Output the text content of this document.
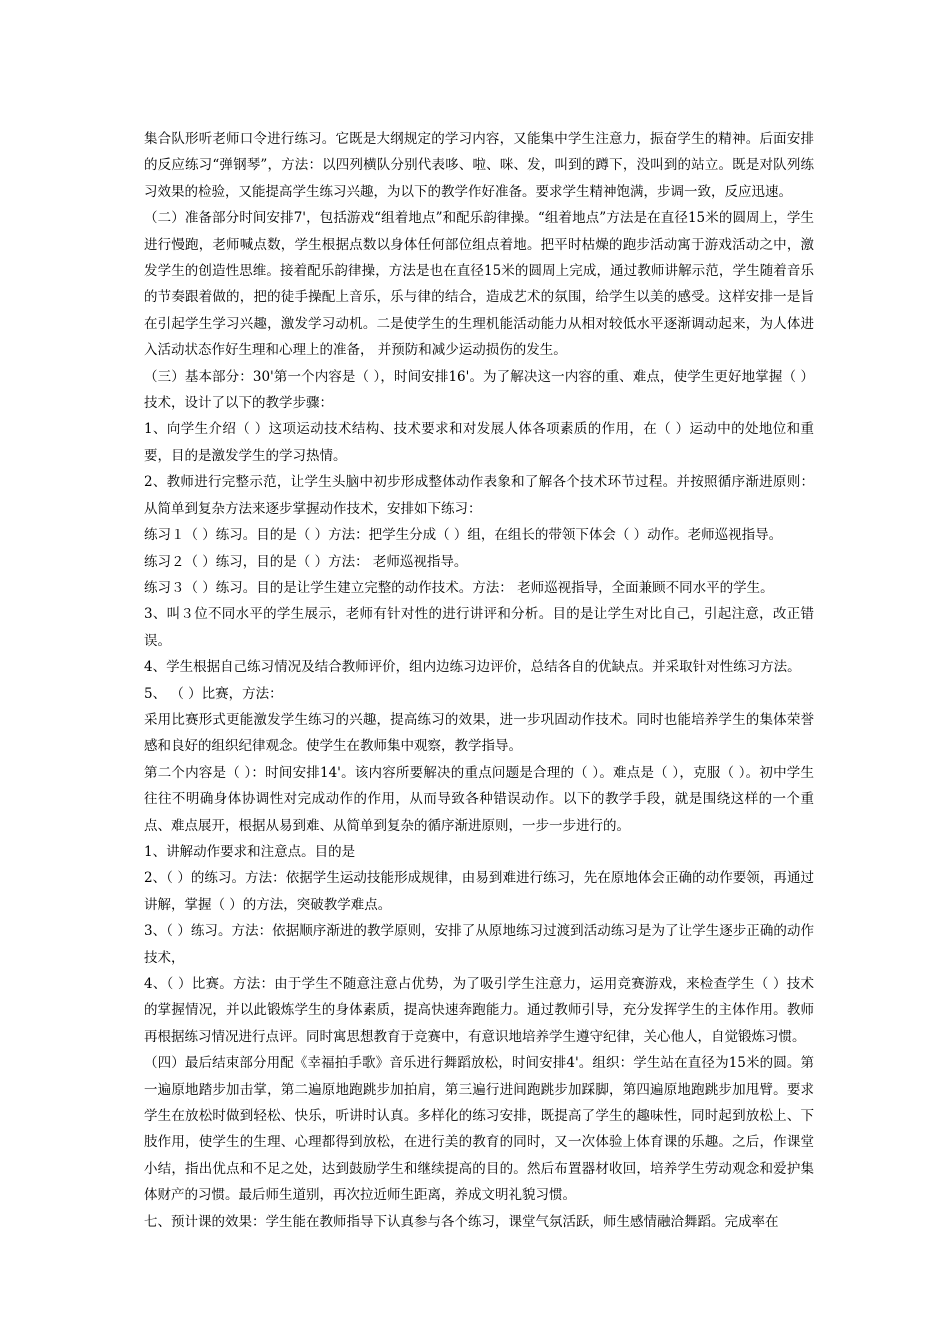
集合队形听老师口令进行练习。它既是大纲规定的学习内容，又能集中学生注意力，振奋学生的精神。后面安排的反应练习“弹钢琴”，方法：以四列横队分别代表哆、啦、咪、发，叫到的蹲下，没叫到的站立。既是对队列练习效果的检验，又能提高学生练习兴趣，为以下的教学作好准备。要求学生精神饱满，步调一致，反应迅速。

（二）准备部分时间安排7'，包括游戏“组着地点”和配乐韵律操。“组着地点”方法是在直径15米的圆周上，学生进行慢跑，老师喊点数，学生根据点数以身体任何部位组点着地。把平时枯燥的跑步活动寓于游戏活动之中，激发学生的创造性思维。接着配乐韵律操，方法是也在直径15米的圆周上完成，通过教师讲解示范，学生随着音乐的节奏跟着做的，把的徒手操配上音乐，乐与律的结合，造成艺术的氛围，给学生以美的感受。这样安排一是旨在引起学生学习兴趣，激发学习动机。二是使学生的生理机能活动能力从相对较低水平逐渐调动起来，为人体进入活动状态作好生理和心理上的准备， 并预防和减少运动损伤的发生。

（三）基本部分：30'第一个内容是（ ），时间安排16'。为了解决这一内容的重、难点，使学生更好地掌握（ ）技术，设计了以下的教学步骤：

1、向学生介绍（ ）这项运动技术结构、技术要求和对发展人体各项素质的作用，在（ ）运动中的处地位和重要，目的是激发学生的学习热情。

2、教师进行完整示范，让学生头脑中初步形成整体动作表象和了解各个技术环节过程。并按照循序渐进原则：从简单到复杂方法来逐步掌握动作技术，安排如下练习：

练习１（ ）练习。目的是（ ）方法：把学生分成（ ）组，在组长的带领下体会（ ）动作。老师巡视指导。

练习２（ ）练习，目的是（ ）方法： 老师巡视指导。

练习３（ ）练习。目的是让学生建立完整的动作技术。方法： 老师巡视指导，全面兼顾不同水平的学生。

3、叫３位不同水平的学生展示，老师有针对性的进行讲评和分析。目的是让学生对比自己，引起注意，改正错误。

4、学生根据自己练习情况及结合教师评价，组内边练习边评价，总结各自的优缺点。并采取针对性练习方法。

5、 （ ）比赛，方法：

采用比赛形式更能激发学生练习的兴趣，提高练习的效果，进一步巩固动作技术。同时也能培养学生的集体荣誉感和良好的组织纪律观念。使学生在教师集中观察，教学指导。

第二个内容是（ ）：时间安排14'。该内容所要解决的重点问题是合理的（ ）。难点是（ ），克服（ ）。初中学生往往不明确身体协调性对完成动作的作用，从而导致各种错误动作。以下的教学手段，就是围绕这样的一个重点、难点展开，根据从易到难、从简单到复杂的循序渐进原则，一步一步进行的。

1、讲解动作要求和注意点。目的是

2、（ ）的练习。方法：依据学生运动技能形成规律，由易到难进行练习，先在原地体会正确的动作要领，再通过讲解，掌握（ ）的方法，突破教学难点。

3、（ ）练习。方法：依据顺序渐进的教学原则，安排了从原地练习过渡到活动练习是为了让学生逐步正确的动作技术，

4、（ ）比赛。方法：由于学生不随意注意占优势，为了吸引学生注意力，运用竞赛游戏，来检查学生（ ）技术的掌握情况，并以此锻炼学生的身体素质，提高快速奔跑能力。通过教师引导，充分发挥学生的主体作用。教师再根据练习情况进行点评。同时寓思想教育于竞赛中，有意识地培养学生遵守纪律，关心他人，自觉锻炼习惯。

（四）最后结束部分用配《幸福拍手歌》音乐进行舞蹈放松，时间安排4'。组织：学生站在直径为15米的圆。第一遍原地踏步加击掌，第二遍原地跑跳步加拍肩，第三遍行进间跑跳步加踩脚，第四遍原地跑跳步加甩臂。要求学生在放松时做到轻松、快乐，听讲时认真。多样化的练习安排，既提高了学生的趣味性，同时起到放松上、下肢作用，使学生的生理、心理都得到放松，在进行美的教育的同时，又一次体验上体育课的乐趣。之后，作课堂小结，指出优点和不足之处，达到鼓励学生和继续提高的目的。然后布置器材收回，培养学生劳动观念和爱护集体财产的习惯。最后师生道别，再次拉近师生距离，养成文明礼貌习惯。

七、预计课的效果：学生能在教师指导下认真参与各个练习，课堂气氛活跃，师生感情融洽舞蹈。完成率在
